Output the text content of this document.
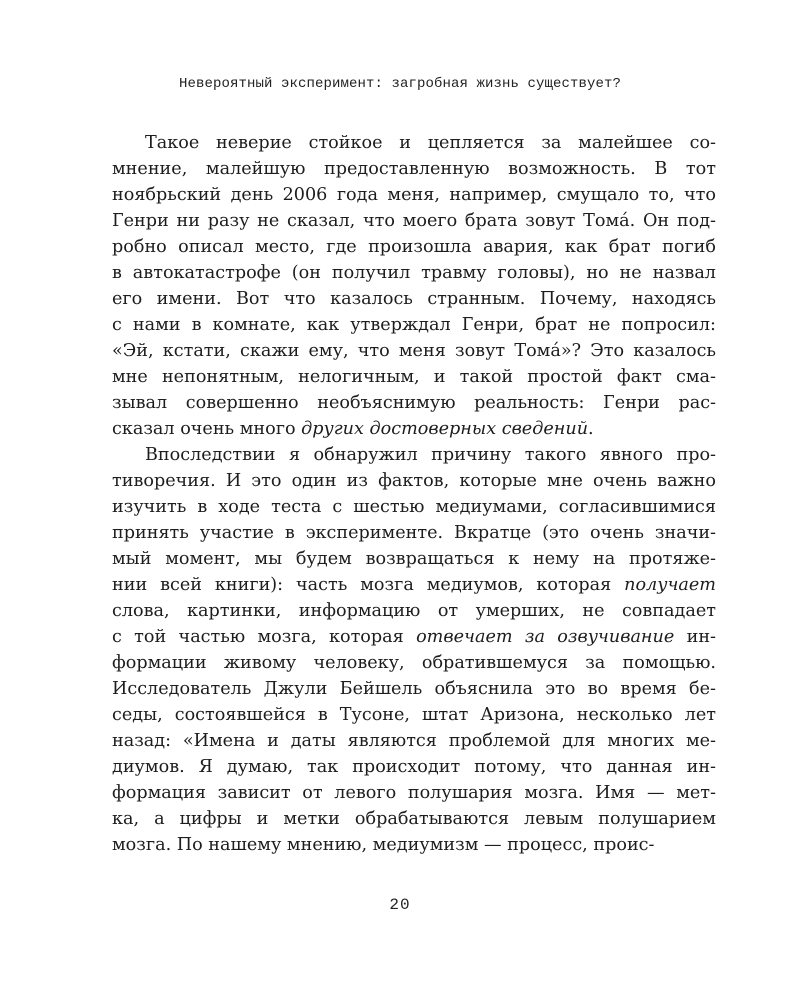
Невероятный эксперимент: загробная жизнь существует?
Такое неверие стойкое и цепляется за малейшее со-
мнение, малейшую предоставленную возможность. В тот
ноябрьский день 2006 года меня, например, смущало то, что
Генри ни разу не сказал, что моего брата зовут Тома́. Он под-
робно описал место, где произошла авария, как брат погиб
в автокатастрофе (он получил травму головы), но не назвал
его имени. Вот что казалось странным. Почему, находясь
с нами в комнате, как утверждал Генри, брат не попросил:
«Эй, кстати, скажи ему, что меня зовут Тома́»? Это казалось
мне непонятным, нелогичным, и такой простой факт сма-
зывал совершенно необъяснимую реальность: Генри рас-
сказал очень много других достоверных сведений.
Впоследствии я обнаружил причину такого явного про-
тиворечия. И это один из фактов, которые мне очень важно
изучить в ходе теста с шестью медиумами, согласившимися
принять участие в эксперименте. Вкратце (это очень значи-
мый момент, мы будем возвращаться к нему на протяже-
нии всей книги): часть мозга медиумов, которая получает
слова, картинки, информацию от умерших, не совпадает
с той частью мозга, которая отвечает за озвучивание ин-
формации живому человеку, обратившемуся за помощью.
Исследователь Джули Бейшель объяснила это во время бе-
седы, состоявшейся в Тусоне, штат Аризона, несколько лет
назад: «Имена и даты являются проблемой для многих ме-
диумов. Я думаю, так происходит потому, что данная ин-
формация зависит от левого полушария мозга. Имя — мет-
ка, а цифры и метки обрабатываются левым полушарием
мозга. По нашему мнению, медиумизм — процесс, проис-
20
